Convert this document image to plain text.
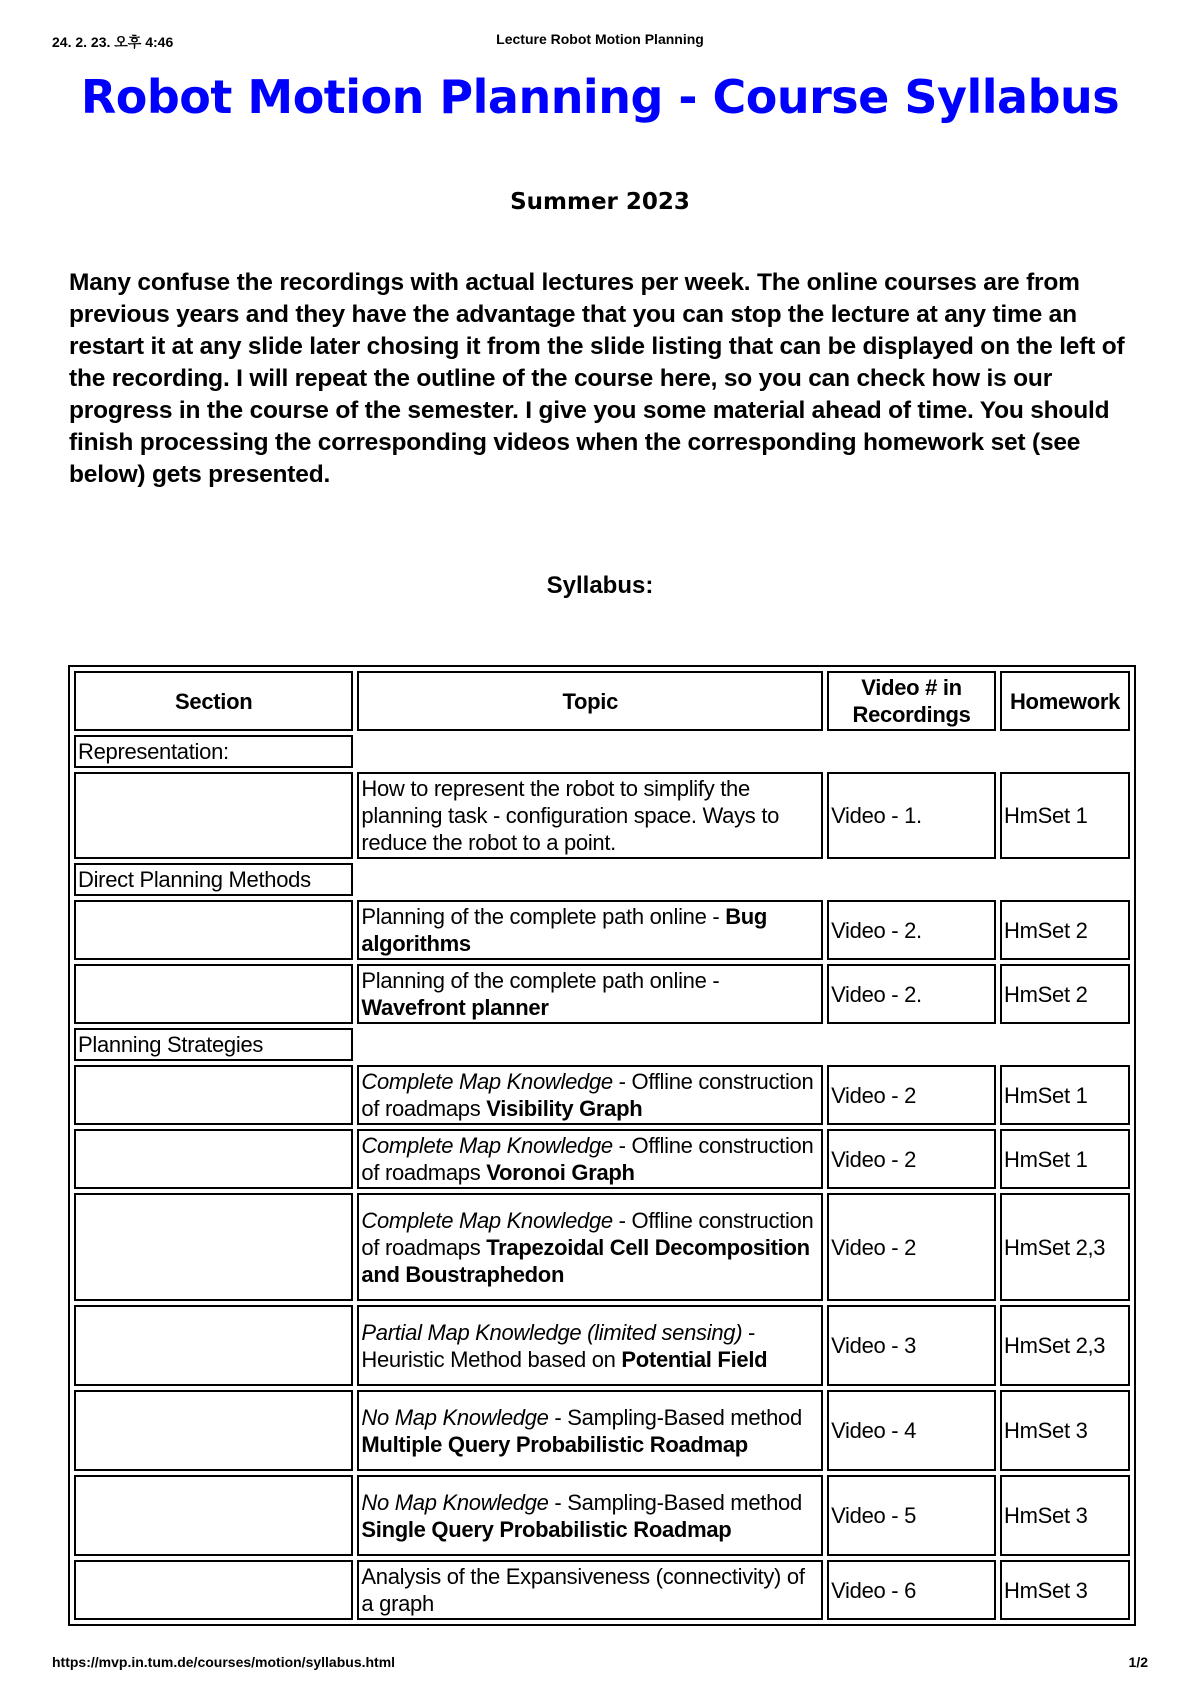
24. 2. 23. 오후 4:46	Lecture Robot Motion Planning
Robot Motion Planning - Course Syllabus
Summer 2023
Many confuse the recordings with actual lectures per week. The online courses are from previous years and they have the advantage that you can stop the lecture at any time an restart it at any slide later chosing it from the slide listing that can be displayed on the left of the recording. I will repeat the outline of the course here, so you can check how is our progress in the course of the semester. I give you some material ahead of time. You should finish processing the corresponding videos when the corresponding homework set (see below) gets presented.
Syllabus:
Section	Topic	Video # in Recordings	Homework
Representation:			
	How to represent the robot to simplify the planning task - configuration space. Ways to reduce the robot to a point.	Video - 1.	HmSet 1
Direct Planning Methods			
	Planning of the complete path online - Bug algorithms	Video - 2.	HmSet 2
	Planning of the complete path online - Wavefront planner	Video - 2.	HmSet 2
Planning Strategies			
	Complete Map Knowledge - Offline construction of roadmaps Visibility Graph	Video - 2	HmSet 1
	Complete Map Knowledge - Offline construction of roadmaps Voronoi Graph	Video - 2	HmSet 1
	Complete Map Knowledge - Offline construction of roadmaps Trapezoidal Cell Decomposition and Boustraphedon	Video - 2	HmSet 2,3
	Partial Map Knowledge (limited sensing) - Heuristic Method based on Potential Field	Video - 3	HmSet 2,3
	No Map Knowledge - Sampling-Based method Multiple Query Probabilistic Roadmap	Video - 4	HmSet 3
	No Map Knowledge - Sampling-Based method Single Query Probabilistic Roadmap	Video - 5	HmSet 3
	Analysis of the Expansiveness (connectivity) of a graph	Video - 6	HmSet 3
https://mvp.in.tum.de/courses/motion/syllabus.html	1/2
